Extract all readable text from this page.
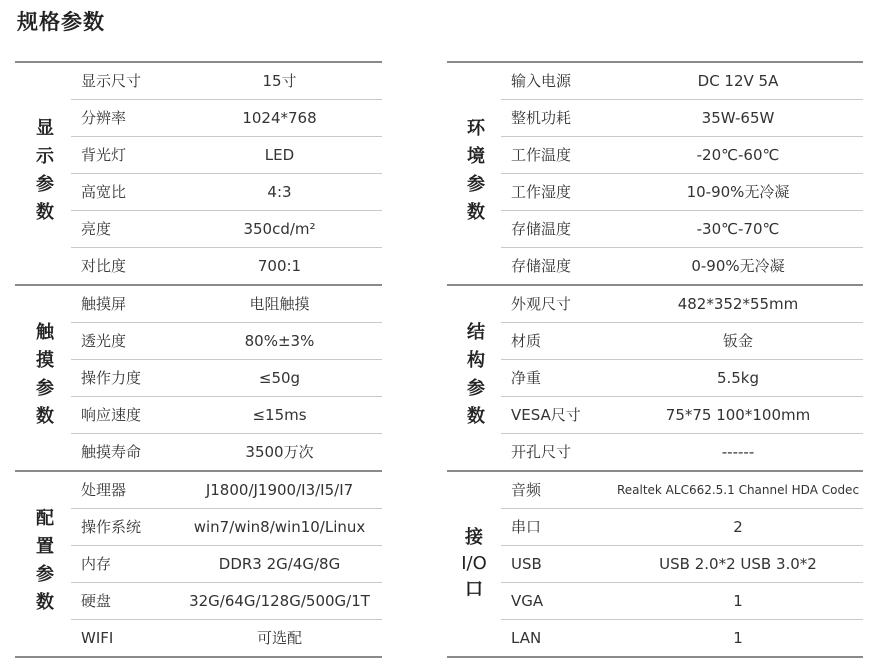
规格参数
显示参数
显示尺寸	15寸
分辨率	1024*768
背光灯	LED
高宽比	4:3
亮度	350cd/m²
对比度	700:1
触摸参数
触摸屏	电阻触摸
透光度	80%±3%
操作力度	≤50g
响应速度	≤15ms
触摸寿命	3500万次
配置参数
处理器	J1800/J1900/I3/I5/I7
操作系统	win7/win8/win10/Linux
内存	DDR3 2G/4G/8G
硬盘	32G/64G/128G/500G/1T
WIFI	可选配
环境参数
输入电源	DC 12V 5A
整机功耗	35W-65W
工作温度	-20℃-60℃
工作湿度	10-90%无冷凝
存储温度	-30℃-70℃
存储湿度	0-90%无冷凝
结构参数
外观尺寸	482*352*55mm
材质	钣金
净重	5.5kg
VESA尺寸	75*75 100*100mm
开孔尺寸	------
接
I/O
口
音频	Realtek ALC662.5.1 Channel HDA Codec
串口	2
USB	USB 2.0*2 USB 3.0*2
VGA	1
LAN	1
